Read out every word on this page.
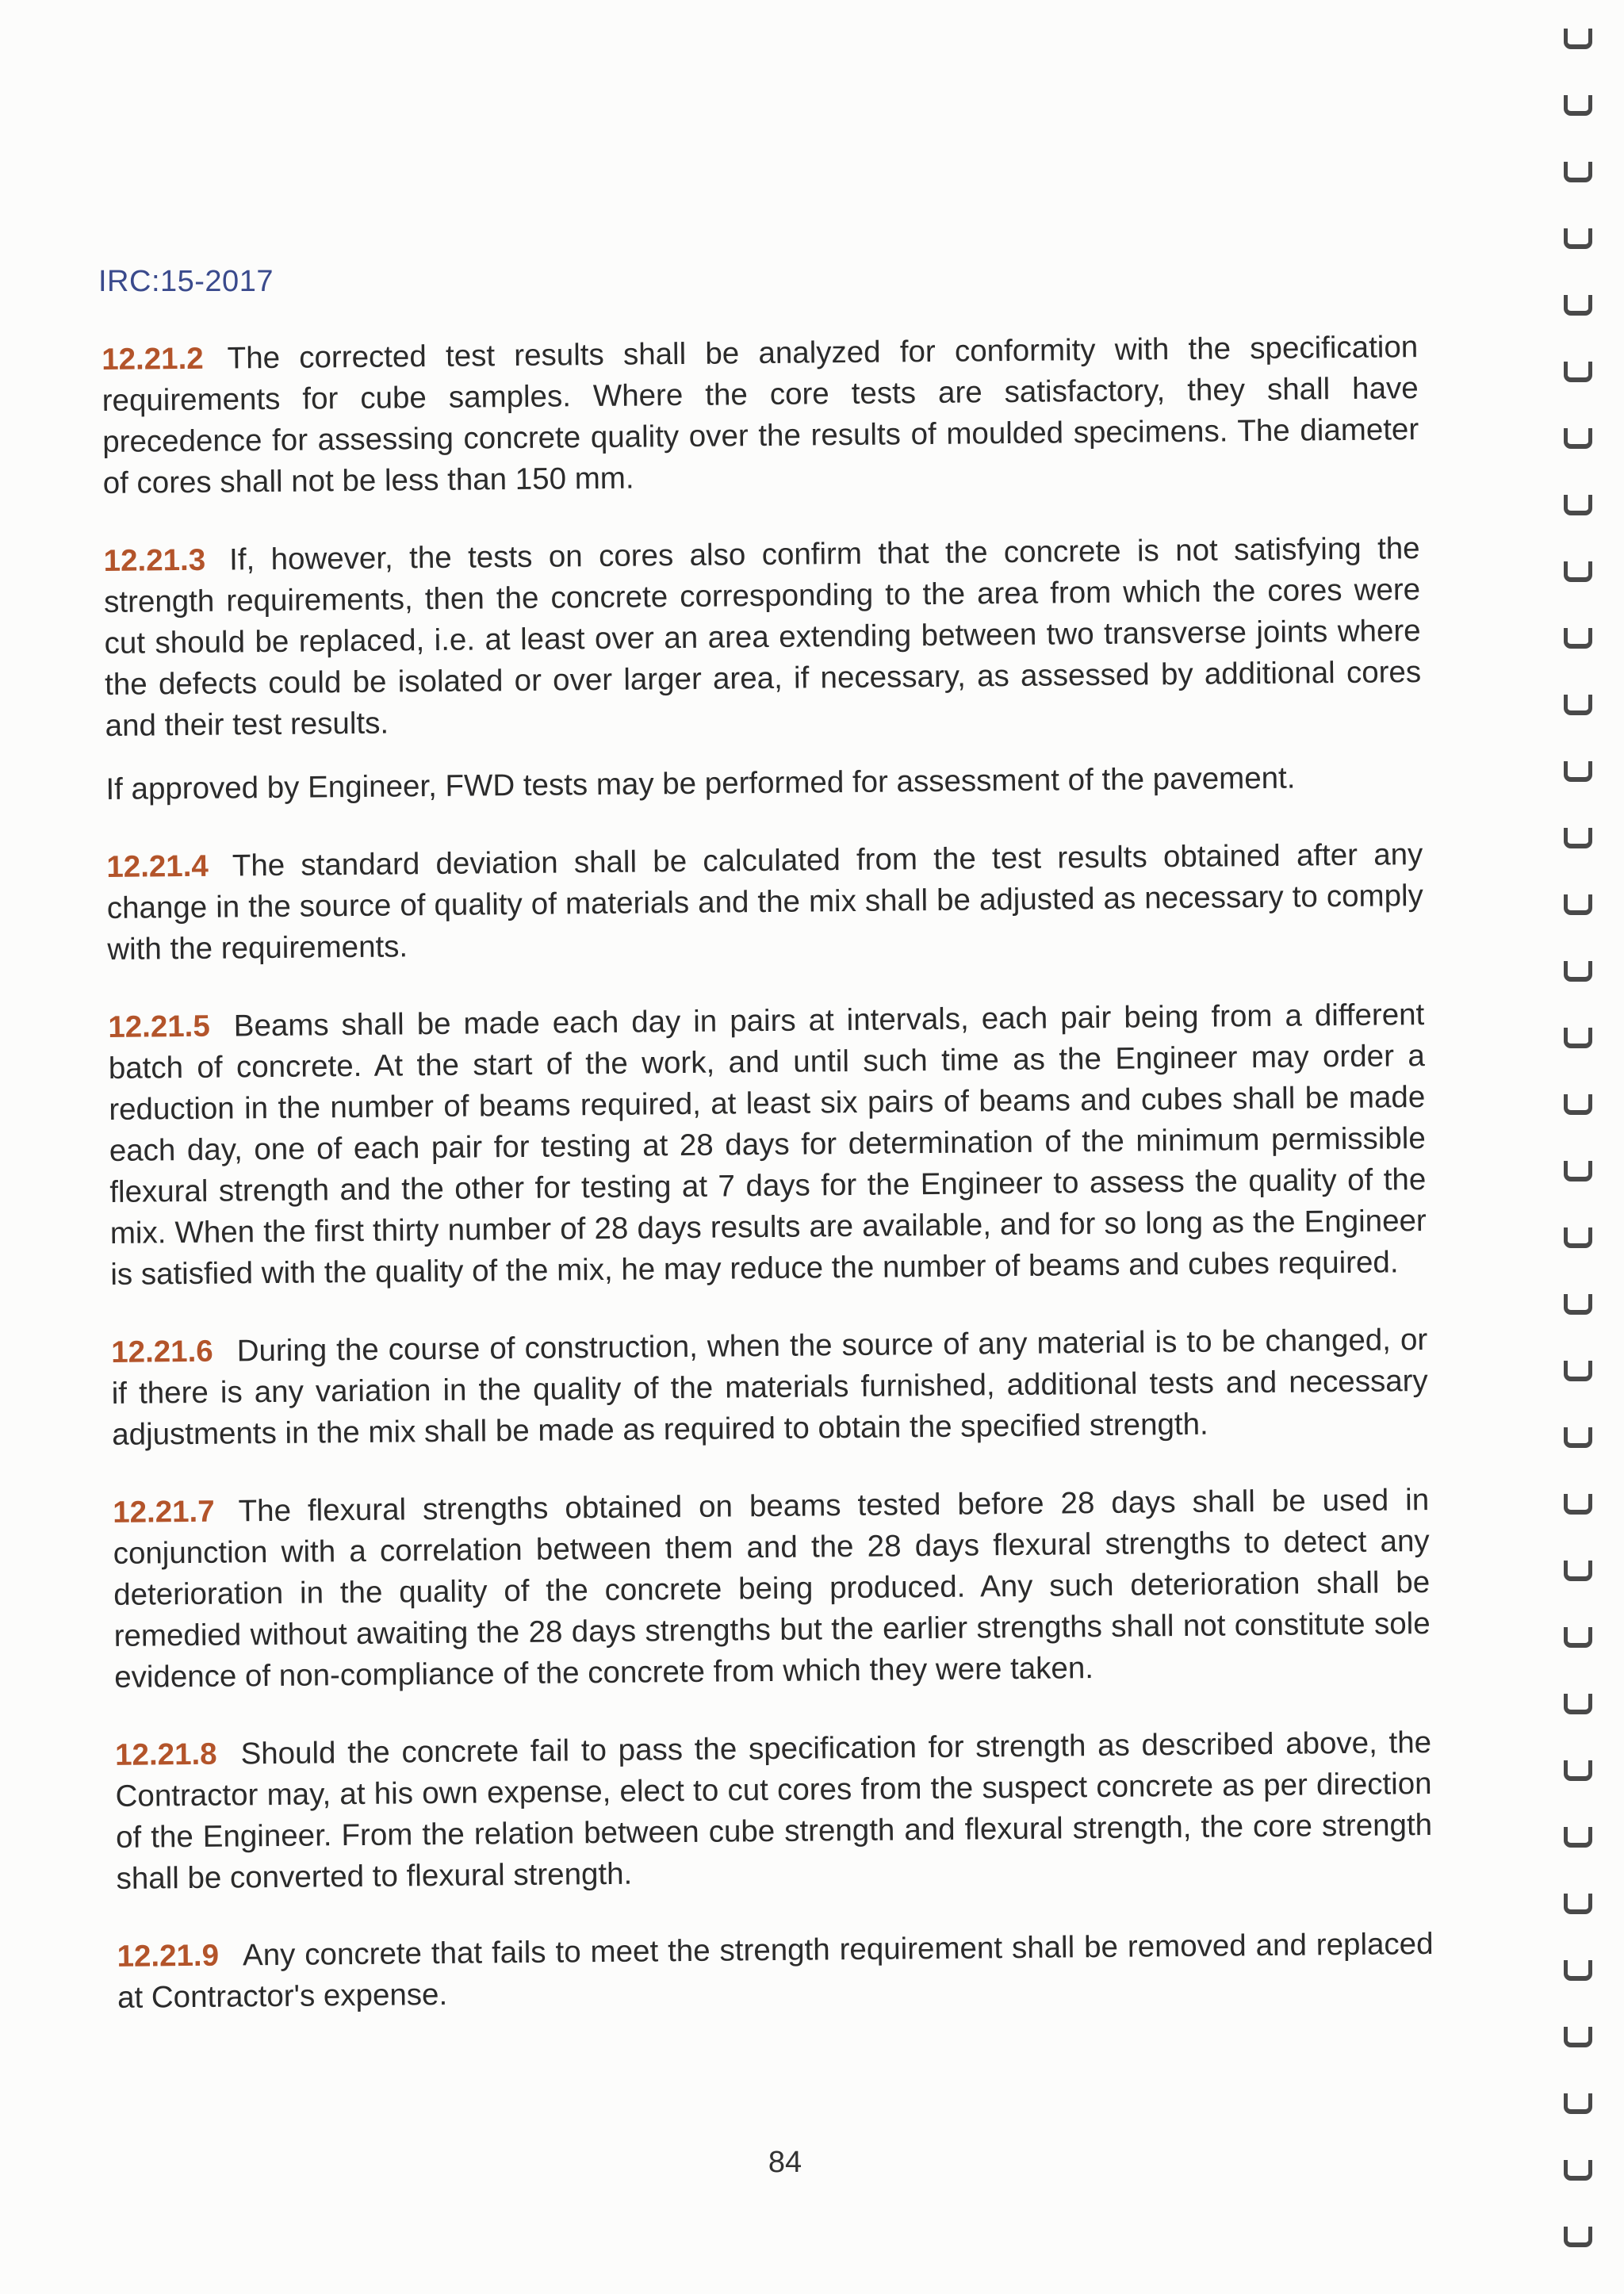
IRC:15-2017

12.21.2 The corrected test results shall be analyzed for conformity with the specification requirements for cube samples. Where the core tests are satisfactory, they shall have precedence for assessing concrete quality over the results of moulded specimens. The diameter of cores shall not be less than 150 mm.

12.21.3 If, however, the tests on cores also confirm that the concrete is not satisfying the strength requirements, then the concrete corresponding to the area from which the cores were cut should be replaced, i.e. at least over an area extending between two transverse joints where the defects could be isolated or over larger area, if necessary, as assessed by additional cores and their test results.

If approved by Engineer, FWD tests may be performed for assessment of the pavement.

12.21.4 The standard deviation shall be calculated from the test results obtained after any change in the source of quality of materials and the mix shall be adjusted as necessary to comply with the requirements.

12.21.5 Beams shall be made each day in pairs at intervals, each pair being from a different batch of concrete. At the start of the work, and until such time as the Engineer may order a reduction in the number of beams required, at least six pairs of beams and cubes shall be made each day, one of each pair for testing at 28 days for determination of the minimum permissible flexural strength and the other for testing at 7 days for the Engineer to assess the quality of the mix. When the first thirty number of 28 days results are available, and for so long as the Engineer is satisfied with the quality of the mix, he may reduce the number of beams and cubes required.

12.21.6 During the course of construction, when the source of any material is to be changed, or if there is any variation in the quality of the materials furnished, additional tests and necessary adjustments in the mix shall be made as required to obtain the specified strength.

12.21.7 The flexural strengths obtained on beams tested before 28 days shall be used in conjunction with a correlation between them and the 28 days flexural strengths to detect any deterioration in the quality of the concrete being produced. Any such deterioration shall be remedied without awaiting the 28 days strengths but the earlier strengths shall not constitute sole evidence of non-compliance of the concrete from which they were taken.

12.21.8 Should the concrete fail to pass the specification for strength as described above, the Contractor may, at his own expense, elect to cut cores from the suspect concrete as per direction of the Engineer. From the relation between cube strength and flexural strength, the core strength shall be converted to flexural strength.

12.21.9 Any concrete that fails to meet the strength requirement shall be removed and replaced at Contractor's expense.

84
